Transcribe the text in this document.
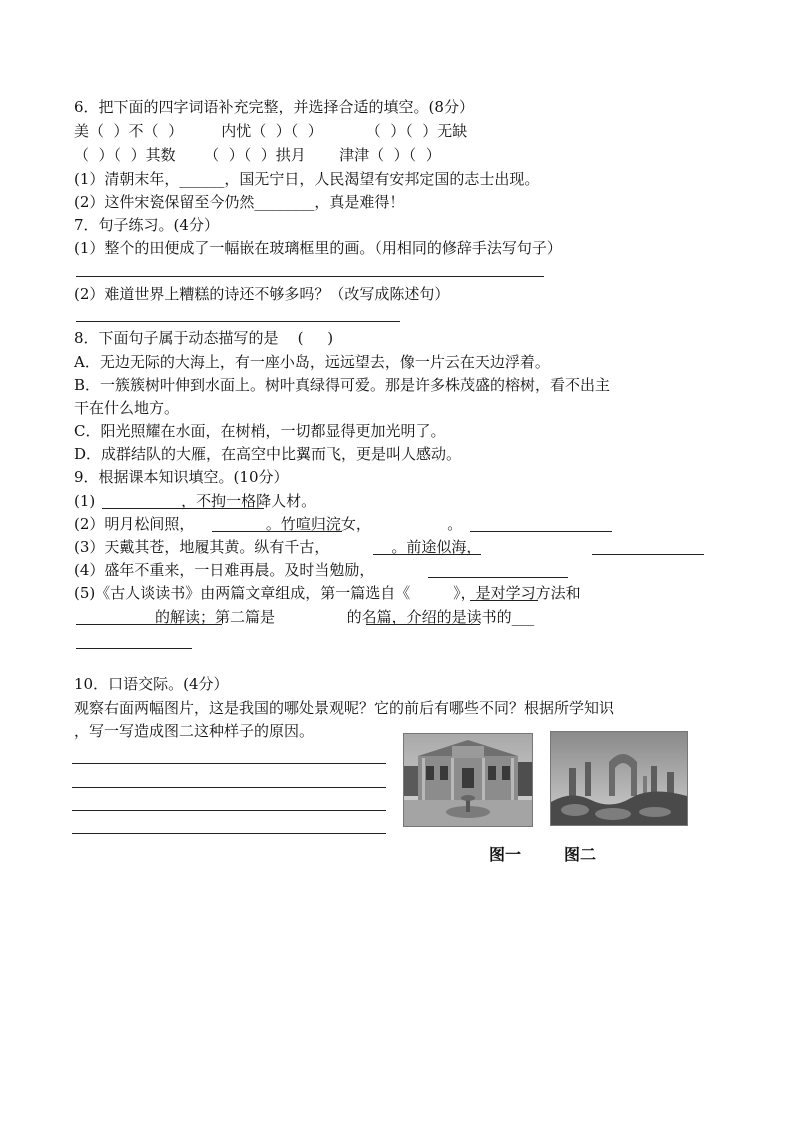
6．把下面的四字词语补充完整，并选择合适的填空。(8分）
美（  ）不（  ）        内忧（  ）（  ）         （  ）（  ）无缺
（  ）（  ）其数      （  ）（  ）拱月       津津（  ）（  ）
(1）清朝末年，______，国无宁日，人民渴望有安邦定国的志士出现。
(2）这件宋瓷保留至今仍然________，真是难得！
7．句子练习。(4分）
(1）整个的田便成了一幅嵌在玻璃框里的画。（用相同的修辞手法写句子）
(2）难道世界上糟糕的诗还不够多吗？（改写成陈述句）
8．下面句子属于动态描写的是    (     )
A．无边无际的大海上，有一座小岛，远远望去，像一片云在天边浮着。
B．一簇簇树叶伸到水面上。树叶真绿得可爱。那是许多株茂盛的榕树，看不出主
干在什么地方。
C．阳光照耀在水面，在树梢，一切都显得更加光明了。
D．成群结队的大雁，在高空中比翼而飞，更是叫人感动。
9．根据课本知识填空。(10分）
(1)                  ，不拘一格降人材。
(2）明月松间照，               。竹喧归浣女，                。
(3）天戴其苍，地履其黄。纵有千古，             。前途似海，
(4）盛年不重来，一日难再晨。及时当勉励，
(5)《古人谈读书》由两篇文章组成，第一篇选自《         》，是对学习方法和
的解读；第二篇是               的名篇，介绍的是读书的___
10．口语交际。(4分）
观察右面两幅图片，这是我国的哪处景观呢？它的前后有哪些不同？根据所学知识
，写一写造成图二这种样子的原因。
图一	图二
